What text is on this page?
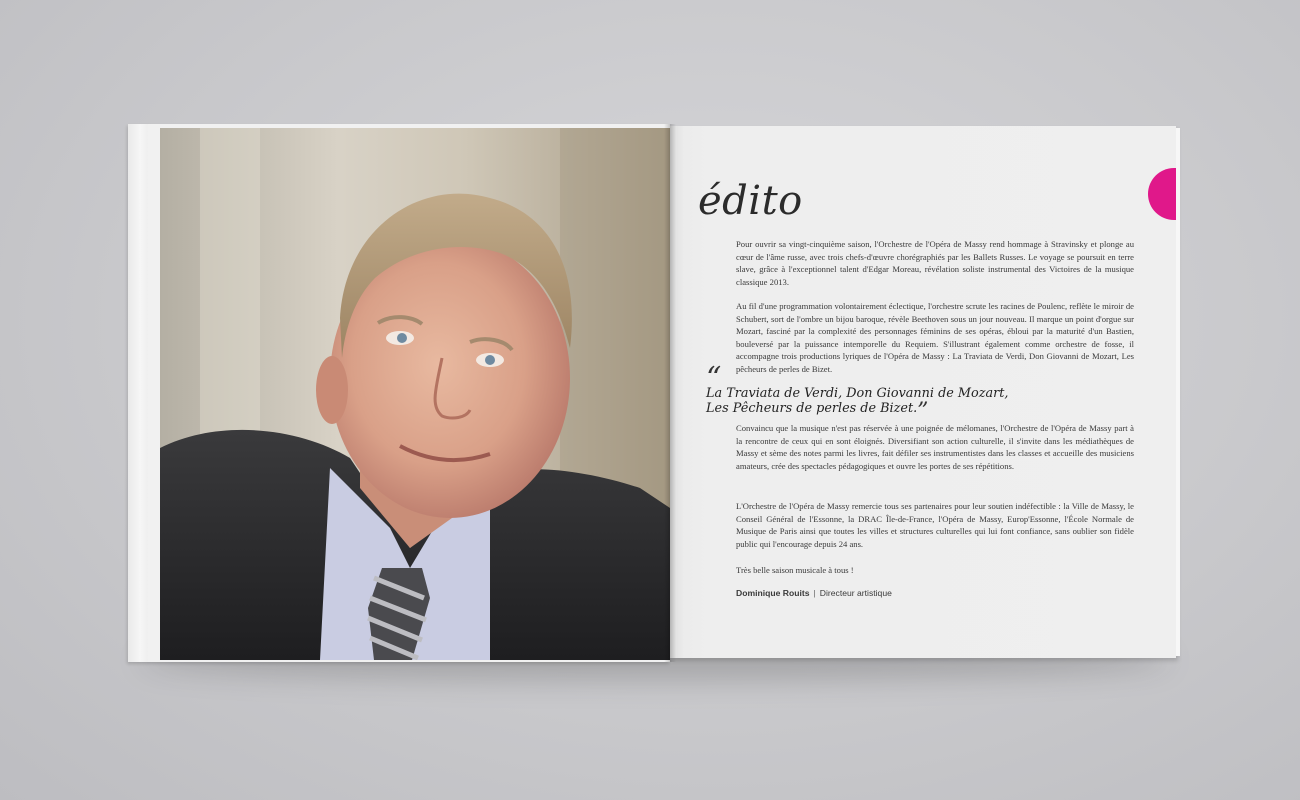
édito

Pour ouvrir sa vingt-cinquième saison, l'Orchestre de l'Opéra de Massy rend hommage à Stravinsky et plonge au cœur de l'âme russe, avec trois chefs-d'œuvre chorégraphiés par les Ballets Russes. Le voyage se poursuit en terre slave, grâce à l'exceptionnel talent d'Edgar Moreau, révélation soliste instrumental des Victoires de la musique classique 2013.

Au fil d'une programmation volontairement éclectique, l'orchestre scrute les racines de Poulenc, reflète le miroir de Schubert, sort de l'ombre un bijou baroque, révèle Beethoven sous un jour nouveau. Il marque un point d'orgue sur Mozart, fasciné par la complexité des personnages féminins de ses opéras, ébloui par la maturité d'un Bastien, bouleversé par la puissance intemporelle du Requiem. S'illustrant également comme orchestre de fosse, il accompagne trois productions lyriques de l'Opéra de Massy : La Traviata de Verdi, Don Giovanni de Mozart, Les pêcheurs de perles de Bizet.

“

La Traviata de Verdi, Don Giovanni de Mozart,
Les Pêcheurs de perles de Bizet.”

Convaincu que la musique n'est pas réservée à une poignée de mélomanes, l'Orchestre de l'Opéra de Massy part à la rencontre de ceux qui en sont éloignés. Diversifiant son action culturelle, il s'invite dans les médiathèques de Massy et sème des notes parmi les livres, fait défiler ses instrumentistes dans les classes et accueille des musiciens amateurs, crée des spectacles pédagogiques et ouvre les portes de ses répétitions.

L'Orchestre de l'Opéra de Massy remercie tous ses partenaires pour leur soutien indéfectible : la Ville de Massy, le Conseil Général de l'Essonne, la DRAC Île-de-France, l'Opéra de Massy, Europ'Essonne, l'École Normale de Musique de Paris ainsi que toutes les villes et structures culturelles qui lui font confiance, sans oublier son fidèle public qui l'encourage depuis 24 ans.

Très belle saison musicale à tous !

Dominique Rouits | Directeur artistique
